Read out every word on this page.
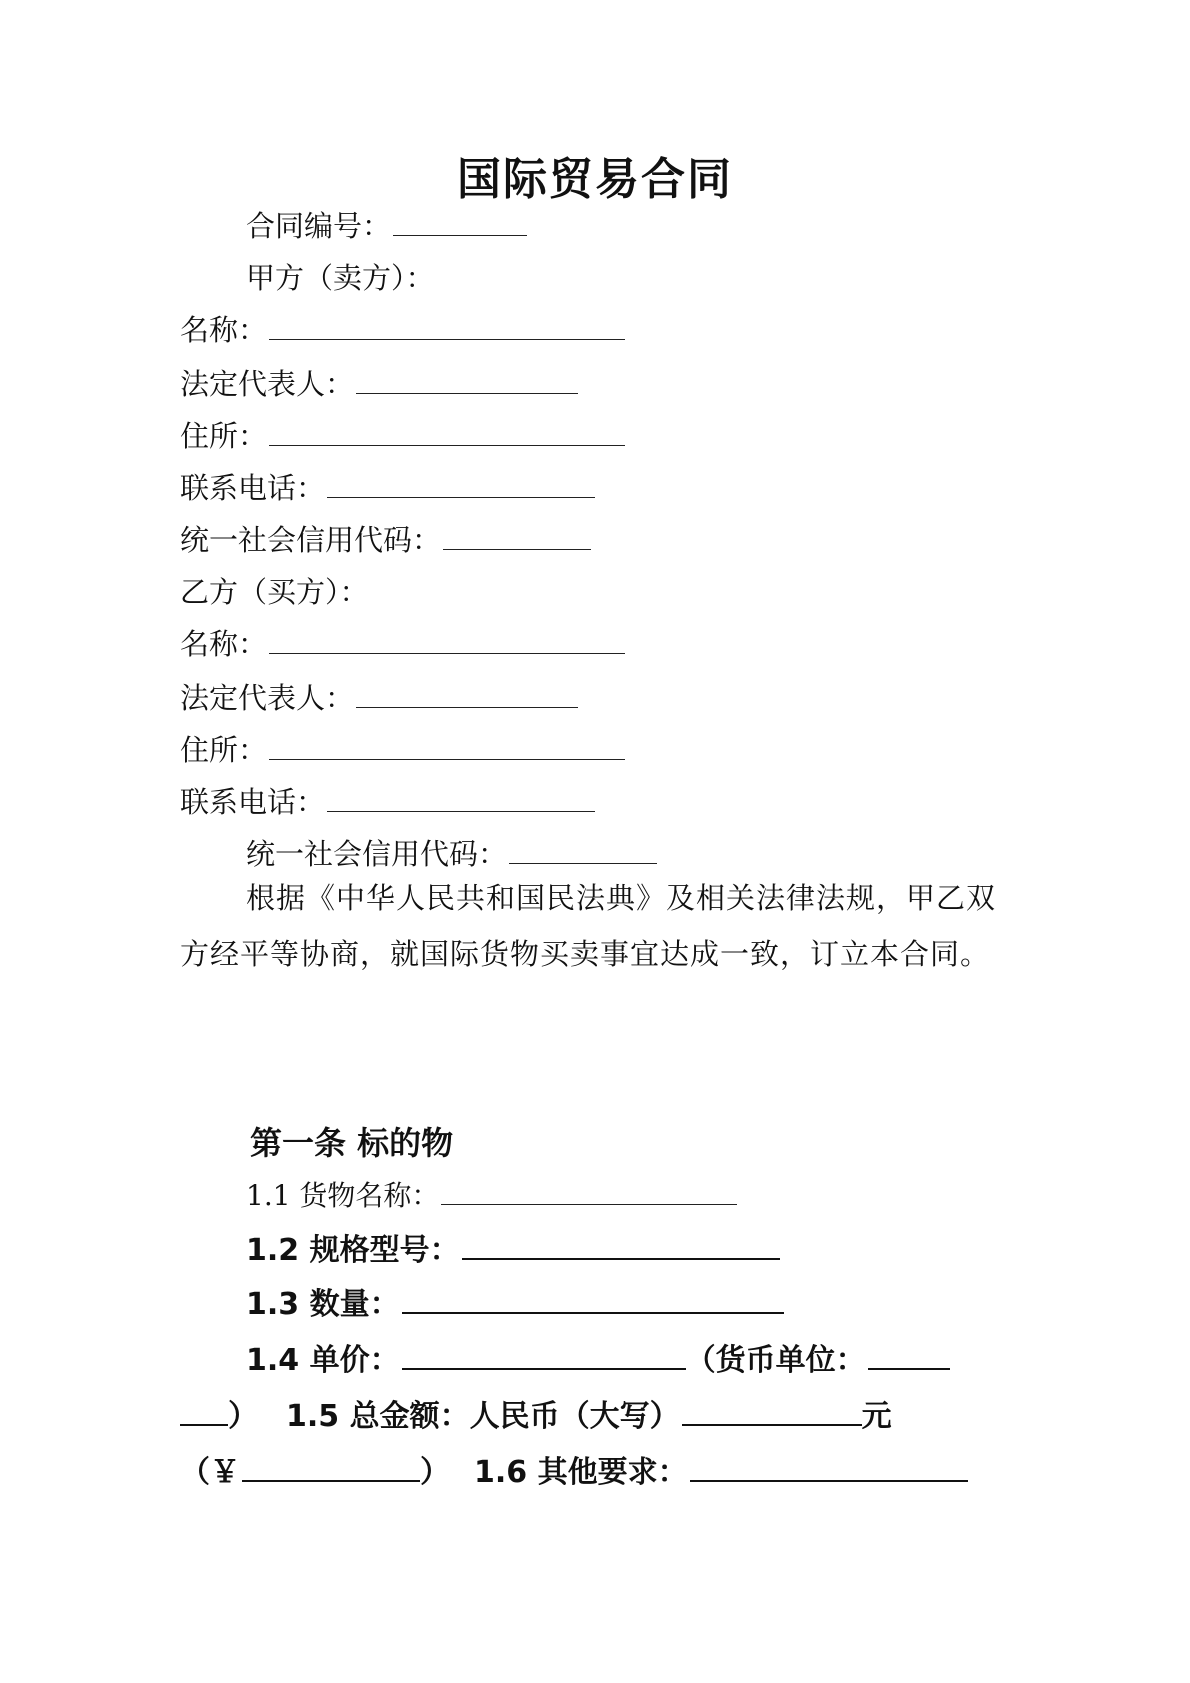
国际贸易合同
合同编号：
甲方（卖方）：
名称：
法定代表人：
住所：
联系电话：
统一社会信用代码：
乙方（买方）：
名称：
法定代表人：
住所：
联系电话：
统一社会信用代码：
根据《中华人民共和国民法典》及相关法律法规，甲乙双方经平等协商，就国际货物买卖事宜达成一致，订立本合同。
第一条 标的物
1.1 货物名称：
1.2 规格型号：
1.3 数量：
1.4 单价：	（货币单位：
） 1.5 总金额：人民币（大写）	元
（￥	） 1.6 其他要求：
